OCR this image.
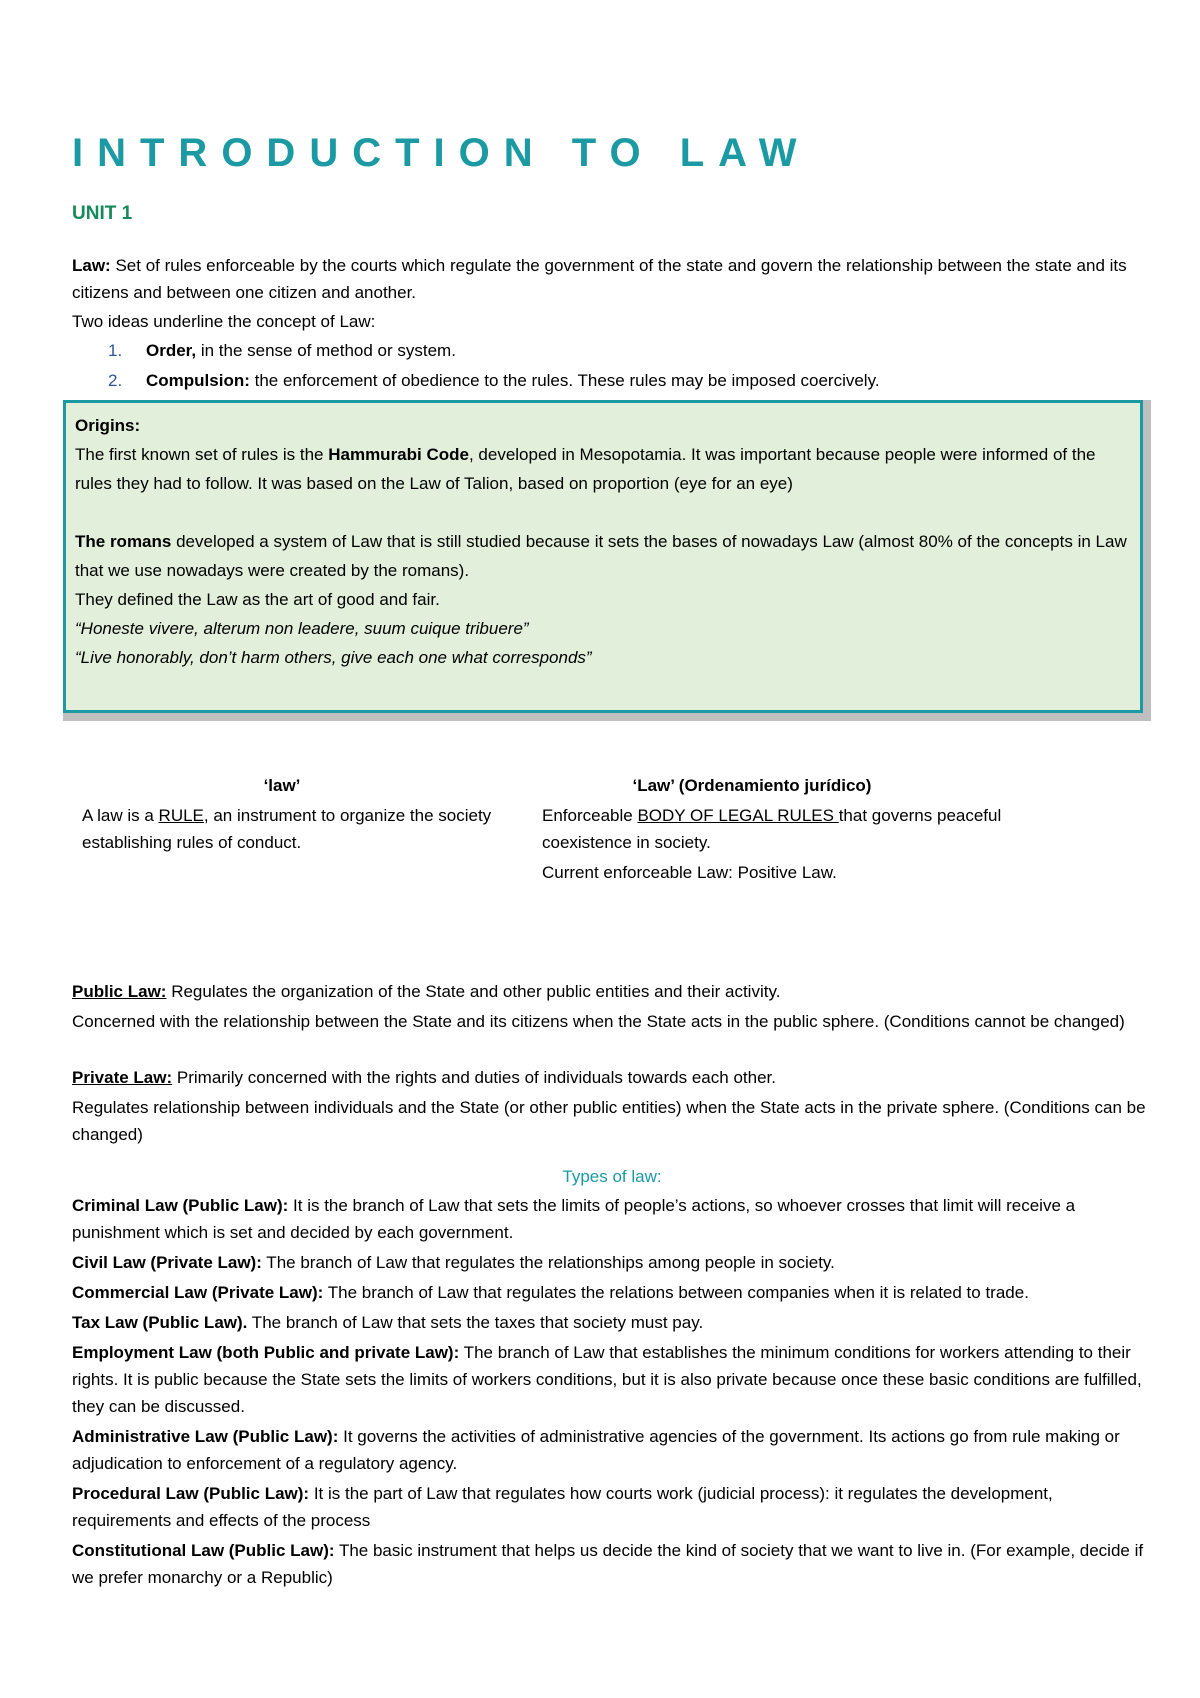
INTRODUCTION TO LAW
UNIT 1
Law: Set of rules enforceable by the courts which regulate the government of the state and govern the relationship between the state and its citizens and between one citizen and another.
Two ideas underline the concept of Law:
1. Order, in the sense of method or system.
2. Compulsion: the enforcement of obedience to the rules. These rules may be imposed coercively.

Origins:

The first known set of rules is the Hammurabi Code, developed in Mesopotamia. It was important because people were informed of the rules they had to follow. It was based on the Law of Talion, based on proportion (eye for an eye)

The romans developed a system of Law that is still studied because it sets the bases of nowadays Law (almost 80% of the concepts in Law that we use nowadays were created by the romans).

They defined the Law as the art of good and fair.

“Honeste vivere, alterum non leadere, suum cuique tribuere”

“Live honorably, don’t harm others, give each one what corresponds”

‘law’
A law is a RULE, an instrument to organize the society establishing rules of conduct.
‘Law’ (Ordenamiento jurídico)
Enforceable BODY OF LEGAL RULES that governs peaceful coexistence in society.
Current enforceable Law: Positive Law.
Public Law: Regulates the organization of the State and other public entities and their activity.
Concerned with the relationship between the State and its citizens when the State acts in the public sphere. (Conditions cannot be changed)
Private Law: Primarily concerned with the rights and duties of individuals towards each other.
Regulates relationship between individuals and the State (or other public entities) when the State acts in the private sphere. (Conditions can be changed)
Types of law:

Criminal Law (Public Law): It is the branch of Law that sets the limits of people’s actions, so whoever crosses that limit will receive a punishment which is set and decided by each government.

Civil Law (Private Law): The branch of Law that regulates the relationships among people in society.

Commercial Law (Private Law): The branch of Law that regulates the relations between companies when it is related to trade.

Tax Law (Public Law). The branch of Law that sets the taxes that society must pay.

Employment Law (both Public and private Law): The branch of Law that establishes the minimum conditions for workers attending to their rights. It is public because the State sets the limits of workers conditions, but it is also private because once these basic conditions are fulfilled, they can be discussed.

Administrative Law (Public Law): It governs the activities of administrative agencies of the government. Its actions go from rule making or adjudication to enforcement of a regulatory agency.

Procedural Law (Public Law): It is the part of Law that regulates how courts work (judicial process): it regulates the development, requirements and effects of the process

Constitutional Law (Public Law): The basic instrument that helps us decide the kind of society that we want to live in. (For example, decide if we prefer monarchy or a Republic)
